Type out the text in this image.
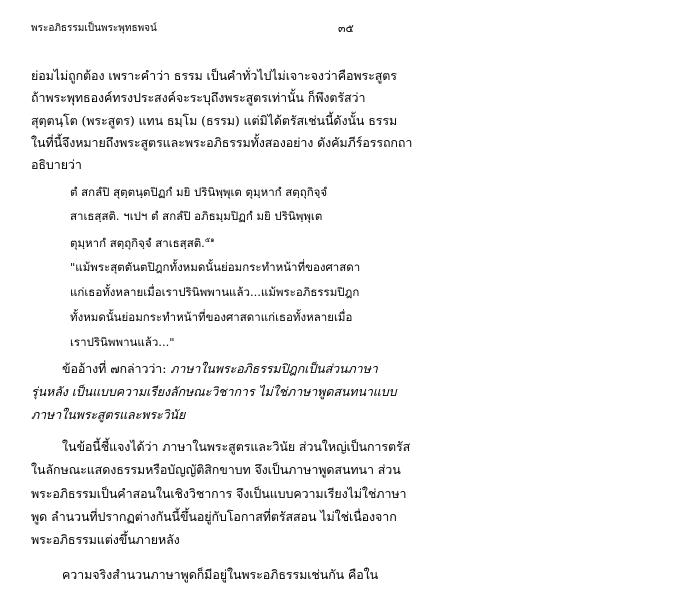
พระอภิธรรมเป็นพระพุทธพจน์	๓๕
ย่อมไม่ถูกต้อง เพราะคำว่า ธรรม เป็นคำทั่วไปไม่เจาะจงว่าคือพระสูตร
ถ้าพระพุทธองค์ทรงประสงค์จะระบุถึงพระสูตรเท่านั้น ก็พึงตรัสว่า
สุตฺตนฺโต (พระสูตร) แทน ธมฺโม (ธรรม) แต่มิได้ตรัสเช่นนี้ดังนั้น ธรรม
ในที่นี้จึงหมายถึงพระสูตรและพระอภิธรรมทั้งสองอย่าง ดังคัมภีร์อรรถกถา
อธิบายว่า
ตํ สกลํปิ สุตฺตนฺตปิฏกํ มยิ ปรินิพฺพุเต ตุมฺหากํ สตฺถุกิจฺจํ
สาเธสฺสติ. ฯเปฯ ตํ สกลํปิ อภิธมฺมปิฏกํ มยิ ปรินิพฺพุเต
ตุมฺหากํ สตฺถุกิจฺจํ สาเธสฺสติ.$^{๕๑}$
"แม้พระสุตตันตปิฎกทั้งหมดนั้นย่อมกระทำหน้าที่ของศาสดา
แก่เธอทั้งหลายเมื่อเราปรินิพพานแล้ว...แม้พระอภิธรรมปิฎก
ทั้งหมดนั้นย่อมกระทำหน้าที่ของศาสดาแก่เธอทั้งหลายเมื่อ
เราปรินิพพานแล้ว..."
ข้ออ้างที่ ๗กล่าวว่า: ภาษาในพระอภิธรรมปิฎกเป็นส่วนภาษา
รุ่นหลัง เป็นแบบความเรียงลักษณะวิชาการ ไม่ใช่ภาษาพูดสนทนาแบบ
ภาษาในพระสูตรและพระวินัย
ในข้อนี้ชี้แจงได้ว่า ภาษาในพระสูตรและวินัย ส่วนใหญ่เป็นการตรัส
ในลักษณะแสดงธรรมหรือบัญญัติสิกขาบท จึงเป็นภาษาพูดสนทนา ส่วน
พระอภิธรรมเป็นคำสอนในเชิงวิชาการ จึงเป็นแบบความเรียงไม่ใช่ภาษา
พูด ลำนวนที่ปรากฏต่างกันนี้ขึ้นอยู่กับโอกาสที่ตรัสสอน ไม่ใช่เนื่องจาก
พระอภิธรรมแต่งขึ้นภายหลัง
ความจริงสำนวนภาษาพูดก็มีอยู่ในพระอภิธรรมเช่นกัน คือใน
